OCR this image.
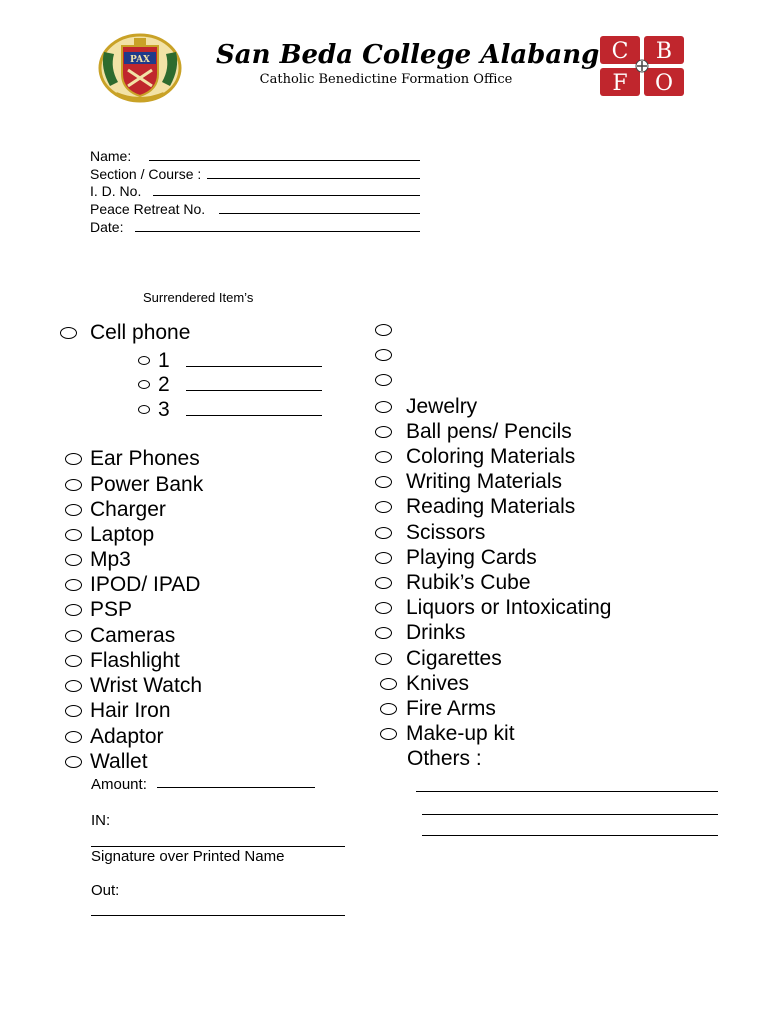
PAX	San Beda College Alabang
Catholic Benedictine Formation Office
C B
F O
Name:
Section / Course :
I. D. No.
Peace Retreat No.
Date:
Surrendered Item’s
Cell phone
1
2
3
Ear Phones
Power Bank
Charger
Laptop
Mp3
IPOD/ IPAD
PSP
Cameras
Flashlight
Wrist Watch
Hair Iron
Adaptor
Wallet
Amount:
IN:
Signature over Printed Name
Out:
Jewelry
Ball pens/ Pencils
Coloring Materials
Writing Materials
Reading Materials
Scissors
Playing Cards
Rubik’s Cube
Liquors or Intoxicating
Drinks
Cigarettes
Knives
Fire Arms
Make-up kit
Others :
